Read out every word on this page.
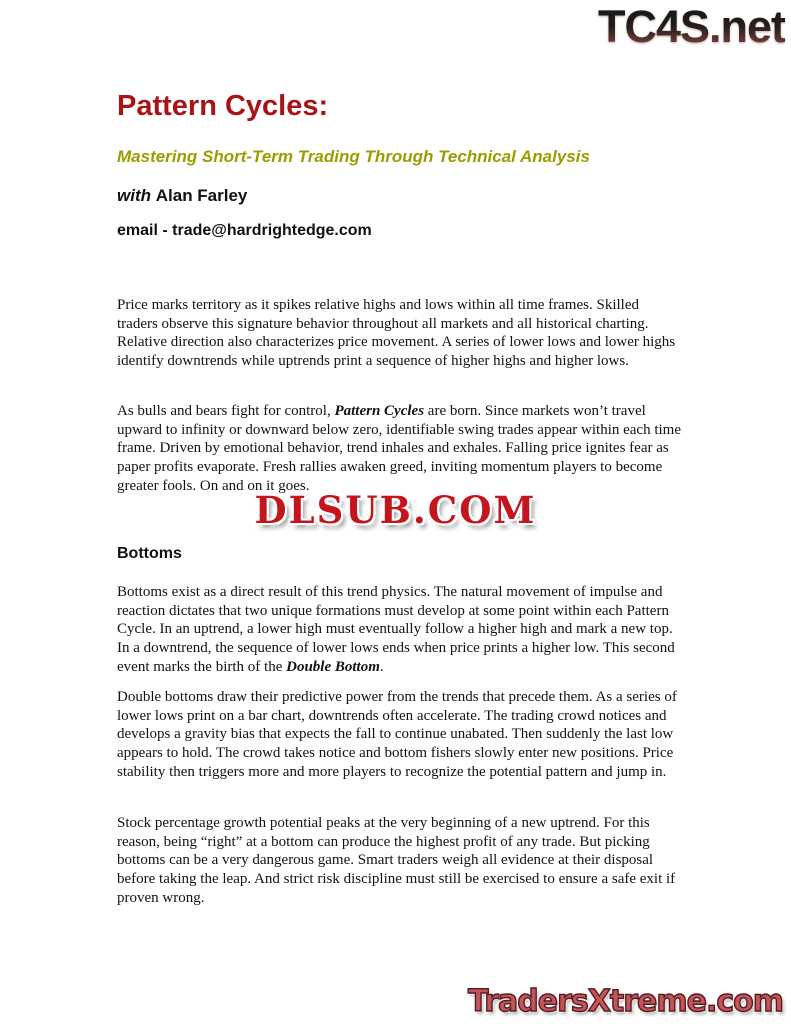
TC4S.net
Pattern Cycles:
Mastering Short-Term Trading Through Technical Analysis
with Alan Farley
email - trade@hardrightedge.com

Price marks territory as it spikes relative highs and lows within all time frames. Skilled traders observe this signature behavior throughout all markets and all historical charting. Relative direction also characterizes price movement. A series of lower lows and lower highs identify downtrends while uptrends print a sequence of higher highs and higher lows.

As bulls and bears fight for control, Pattern Cycles are born. Since markets won’t travel upward to infinity or downward below zero, identifiable swing trades appear within each time frame. Driven by emotional behavior, trend inhales and exhales. Falling price ignites fear as paper profits evaporate. Fresh rallies awaken greed, inviting momentum players to become greater fools. On and on it goes.

DLSUB.COM
Bottoms

Bottoms exist as a direct result of this trend physics. The natural movement of impulse and reaction dictates that two unique formations must develop at some point within each Pattern Cycle. In an uptrend, a lower high must eventually follow a higher high and mark a new top. In a downtrend, the sequence of lower lows ends when price prints a higher low. This second event marks the birth of the Double Bottom.

Double bottoms draw their predictive power from the trends that precede them. As a series of lower lows print on a bar chart, downtrends often accelerate. The trading crowd notices and develops a gravity bias that expects the fall to continue unabated. Then suddenly the last low appears to hold. The crowd takes notice and bottom fishers slowly enter new positions. Price stability then triggers more and more players to recognize the potential pattern and jump in.

Stock percentage growth potential peaks at the very beginning of a new uptrend. For this reason, being “right” at a bottom can produce the highest profit of any trade. But picking bottoms can be a very dangerous game. Smart traders weigh all evidence at their disposal before taking the leap. And strict risk discipline must still be exercised to ensure a safe exit if proven wrong.

TradersXtreme.com
